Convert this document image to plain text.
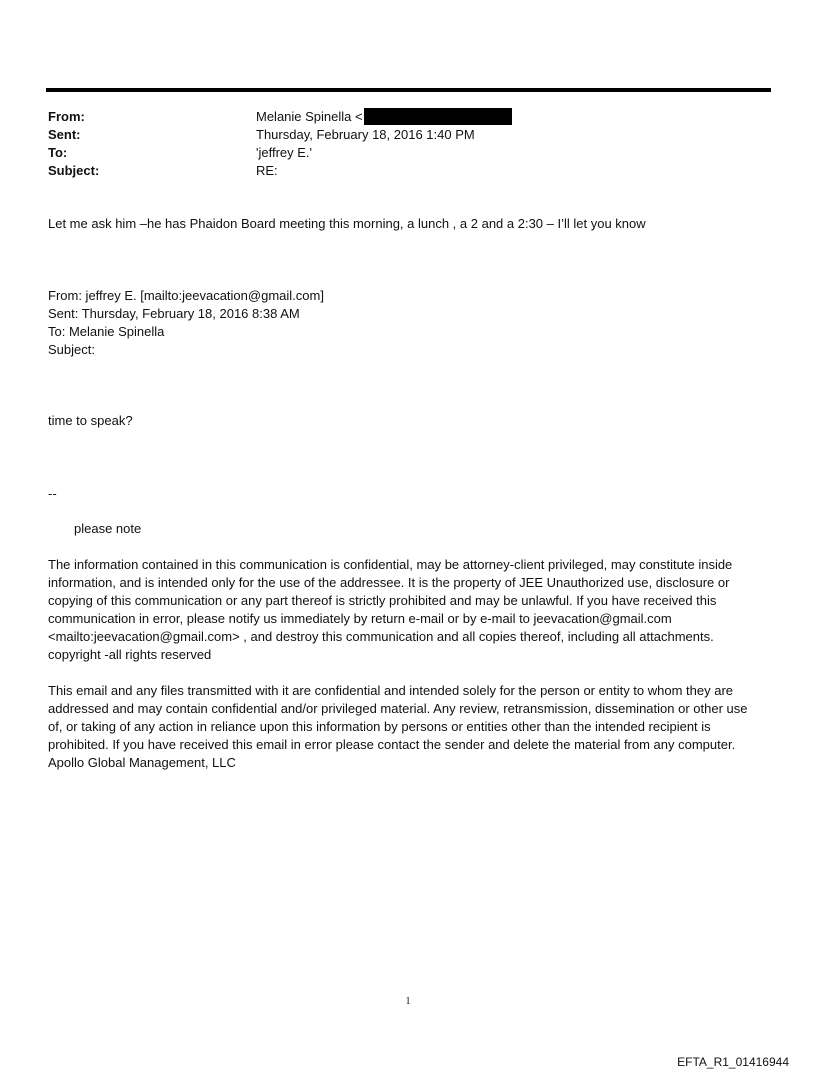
From:	Melanie Spinella <
Sent:	Thursday, February 18, 2016 1:40 PM
To:	'jeffrey E.'
Subject:	RE:
Let me ask him –he has Phaidon Board meeting this morning, a lunch , a 2 and a 2:30 – I’ll let you know
From: jeffrey E. [mailto:jeevacation@gmail.com]
Sent: Thursday, February 18, 2016 8:38 AM
To: Melanie Spinella
Subject:
time to speak?
--
please note

The information contained in this communication is confidential, may be attorney-client privileged, may constitute inside information, and is intended only for the use of the addressee. It is the property of JEE Unauthorized use, disclosure or copying of this communication or any part thereof is strictly prohibited and may be unlawful. If you have received this communication in error, please notify us immediately by return e-mail or by e-mail to jeevacation@gmail.com <mailto:jeevacation@gmail.com> , and destroy this communication and all copies thereof, including all attachments. copyright -all rights reserved

This email and any files transmitted with it are confidential and intended solely for the person or entity to whom they are addressed and may contain confidential and/or privileged material. Any review, retransmission, dissemination or other use of, or taking of any action in reliance upon this information by persons or entities other than the intended recipient is prohibited. If you have received this email in error please contact the sender and delete the material from any computer. Apollo Global Management, LLC

1
EFTA_R1_01416944
